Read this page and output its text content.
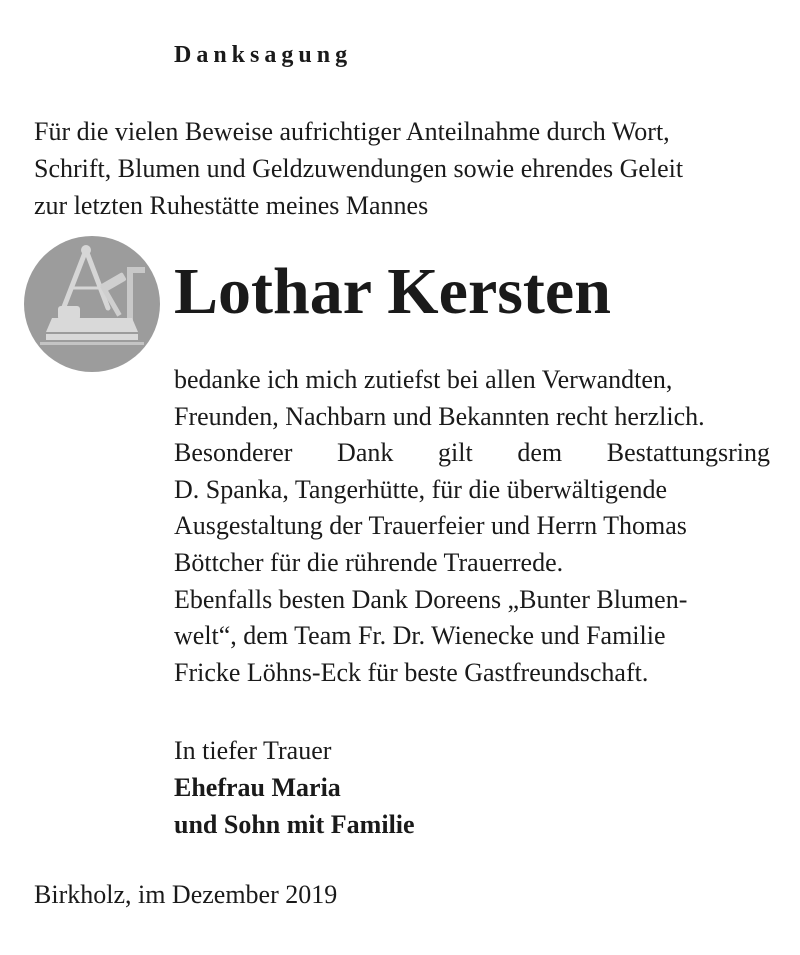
Danksagung
Für die vielen Beweise aufrichtiger Anteilnahme durch Wort,
Schrift, Blumen und Geldzuwendungen sowie ehrendes Geleit
zur letzten Ruhestätte meines Mannes
Lothar Kersten
bedanke ich mich zutiefst bei allen Verwandten,
Freunden, Nachbarn und Bekannten recht herzlich.
Besonderer Dank gilt dem Bestattungsring
D. Spanka, Tangerhütte, für die überwältigende
Ausgestaltung der Trauerfeier und Herrn Thomas
Böttcher für die rührende Trauerrede.
Ebenfalls besten Dank Doreens „Bunter Blumen-
welt“, dem Team Fr. Dr. Wienecke und Familie
Fricke Löhns-Eck für beste Gastfreundschaft.
In tiefer Trauer
Ehefrau Maria
und Sohn mit Familie
Birkholz, im Dezember 2019
